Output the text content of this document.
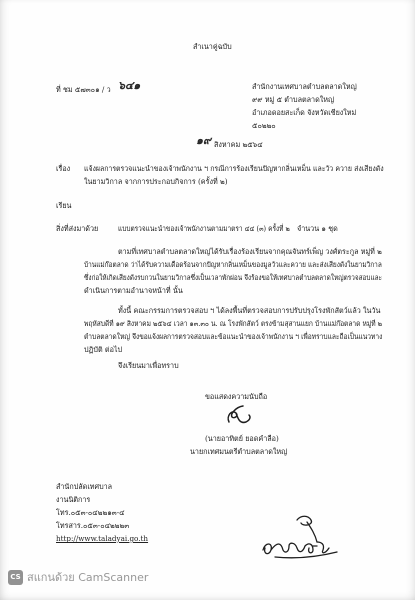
สำเนาคู่ฉบับ
ที่ ชม ๕๗๓๐๑ / ว ๖๔๑	สำนักงานเทศบาลตำบลตลาดใหญ่
๙๙ หมู่ ๕ ตำบลตลาดใหญ่
อำเภอดอยสะเก็ด จังหวัดเชียงใหม่
๕๐๒๒๐
๑๙ สิงหาคม ๒๕๖๔
เรื่อง แจ้งผลการตรวจแนะนำของเจ้าพนักงาน ฯ กรณีการร้องเรียนปัญหากลิ่นเหม็น และวัว ควาย ส่งเสียงดัง
ในยามวิกาล จากการประกอบกิจการ (ครั้งที่ ๒)
เรียน
สิ่งที่ส่งมาด้วย	แบบตรวจแนะนำของเจ้าพนักงานตามมาตรา ๔๔ (๓) ครั้งที่ ๒ จำนวน ๑ ชุด
ตามที่เทศบาลตำบลตลาดใหญ่ได้รับเรื่องร้องเรียนจากคุณจันทร์เพ็ญ วงศ์ตระกูล หมู่ที่ ๒
บ้านแม่ก๊อตลาด ว่าได้รับความเดือดร้อนจากปัญหากลิ่นเหม็นของมูลวัวและควาย และส่งเสียงดังในยามวิกาล
ซึ่งก่อให้เกิดเสียงดังรบกวนในยามวิกาลซึ่งเป็นเวลาพักผ่อน จึงร้องขอให้เทศบาลตำบลตลาดใหญ่ตรวจสอบและ
ดำเนินการตามอำนาจหน้าที่ นั้น
ทั้งนี้ คณะกรรมการตรวจสอบ ฯ ได้ลงพื้นที่ตรวจสอบการปรับปรุงโรงพักสัตว์แล้ว ในวัน
พฤหัสบดีที่ ๑๙ สิงหาคม ๒๕๖๔ เวลา ๑๓.๓๐ น. ณ โรงพักสัตว์ ตรงข้ามสุสานแยก บ้านแม่ก๊อตลาด หมู่ที่ ๒
ตำบลตลาดใหญ่ จึงขอแจ้งผลการตรวจสอบและข้อแนะนำของเจ้าพนักงาน ฯ เพื่อทราบและถือเป็นแนวทาง
ปฏิบัติ ต่อไป
จึงเรียนมาเพื่อทราบ
ขอแสดงความนับถือ
(นายอาทิตย์ ยอดคำลือ)
นายกเทศมนตรีตำบลตลาดใหญ่
สำนักปลัดเทศบาล
งานนิติการ
โทร.๐๕๓-๐๔๒๒๑๓-๔
โทรสาร.๐๕๓-๐๔๒๒๒๓
http://www.taladyai.go.th
CS สแกนด้วย CamScanner
